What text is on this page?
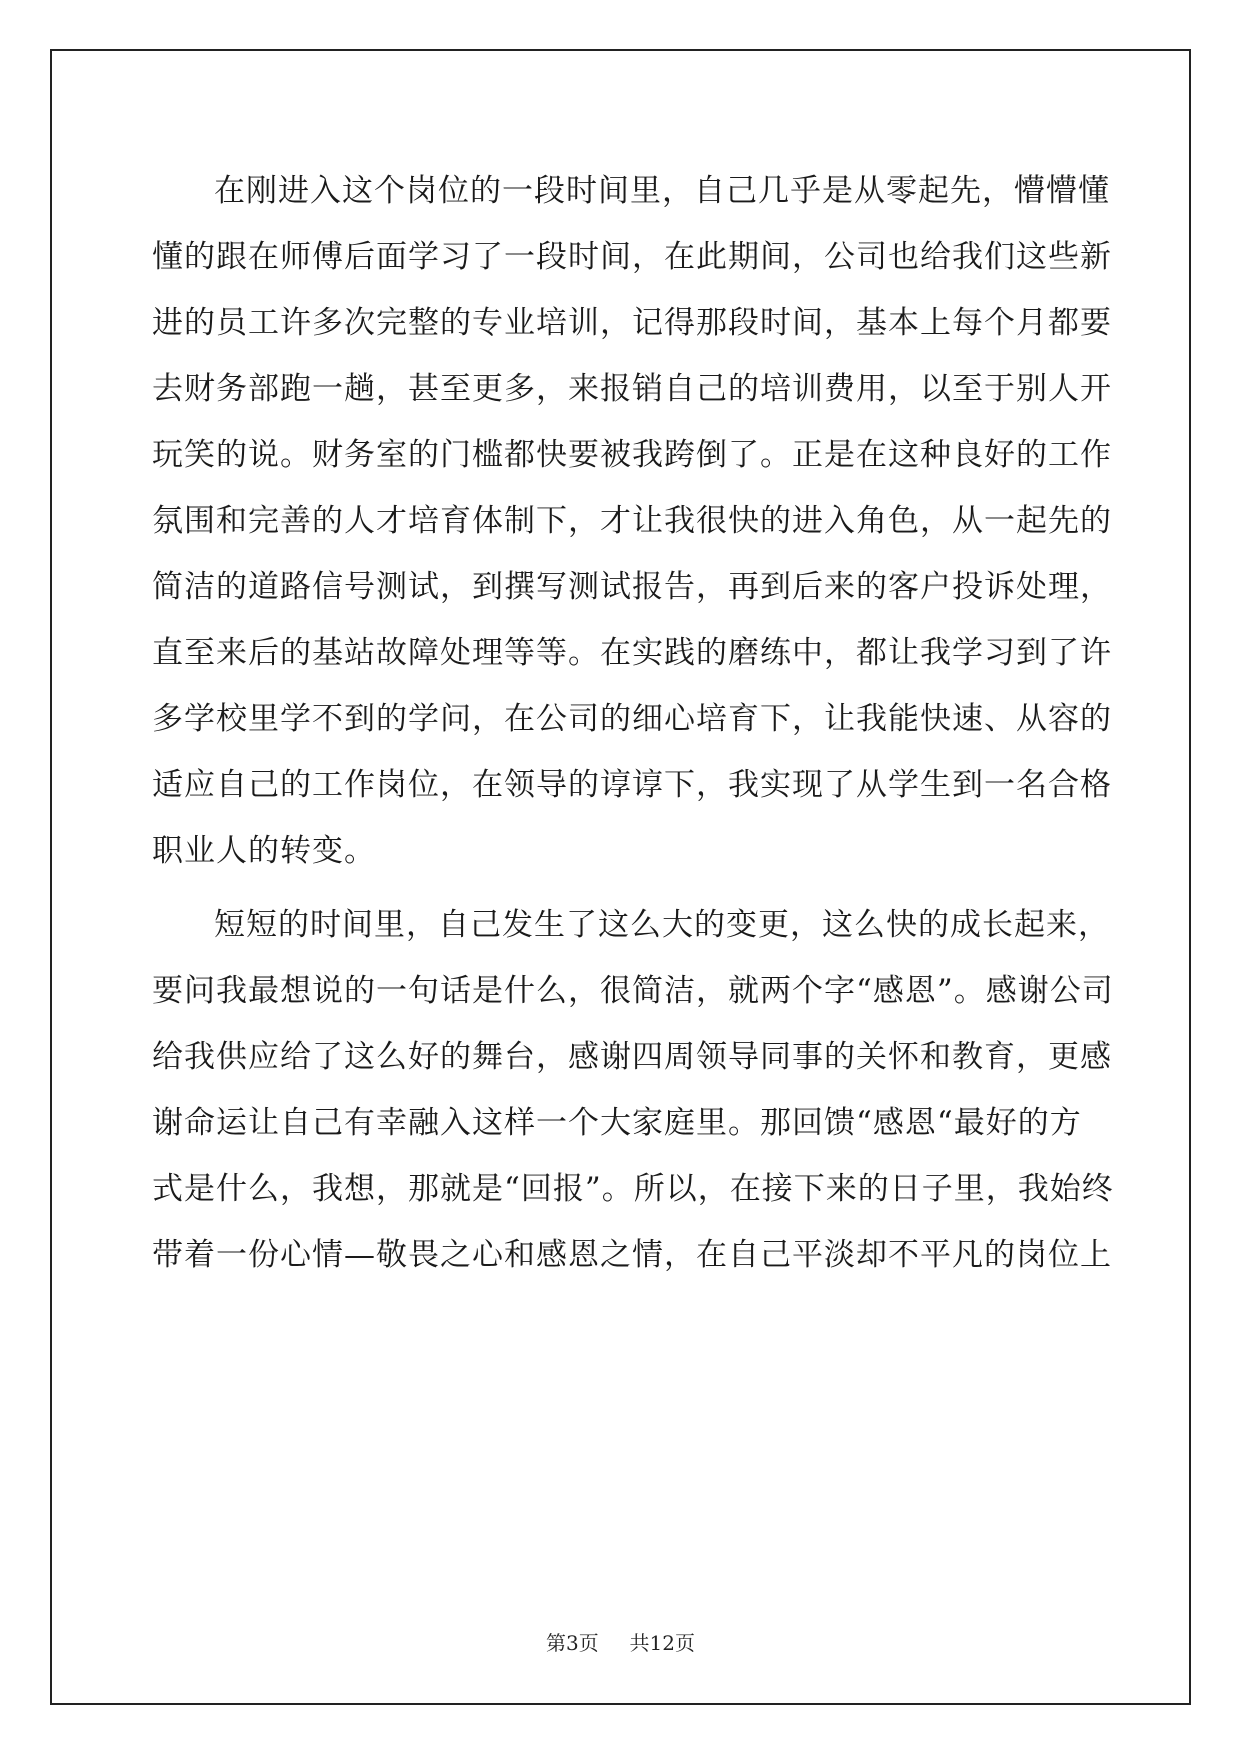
在刚进入这个岗位的一段时间里，自己几乎是从零起先，懵懵懂
懂的跟在师傅后面学习了一段时间，在此期间，公司也给我们这些新
进的员工许多次完整的专业培训，记得那段时间，基本上每个月都要
去财务部跑一趟，甚至更多，来报销自己的培训费用，以至于别人开
玩笑的说。财务室的门槛都快要被我跨倒了。正是在这种良好的工作
氛围和完善的人才培育体制下，才让我很快的进入角色，从一起先的
简洁的道路信号测试，到撰写测试报告，再到后来的客户投诉处理，
直至来后的基站故障处理等等。在实践的磨练中，都让我学习到了许
多学校里学不到的学问，在公司的细心培育下，让我能快速、从容的
适应自己的工作岗位，在领导的谆谆下，我实现了从学生到一名合格
职业人的转变。
短短的时间里，自己发生了这么大的变更，这么快的成长起来，
要问我最想说的一句话是什么，很简洁，就两个字“感恩”。感谢公司
给我供应给了这么好的舞台，感谢四周领导同事的关怀和教育，更感
谢命运让自己有幸融入这样一个大家庭里。那回馈“感恩“最好的方
式是什么，我想，那就是“回报”。所以，在接下来的日子里，我始终
带着一份心情—敬畏之心和感恩之情，在自己平淡却不平凡的岗位上
第3页 共12页
